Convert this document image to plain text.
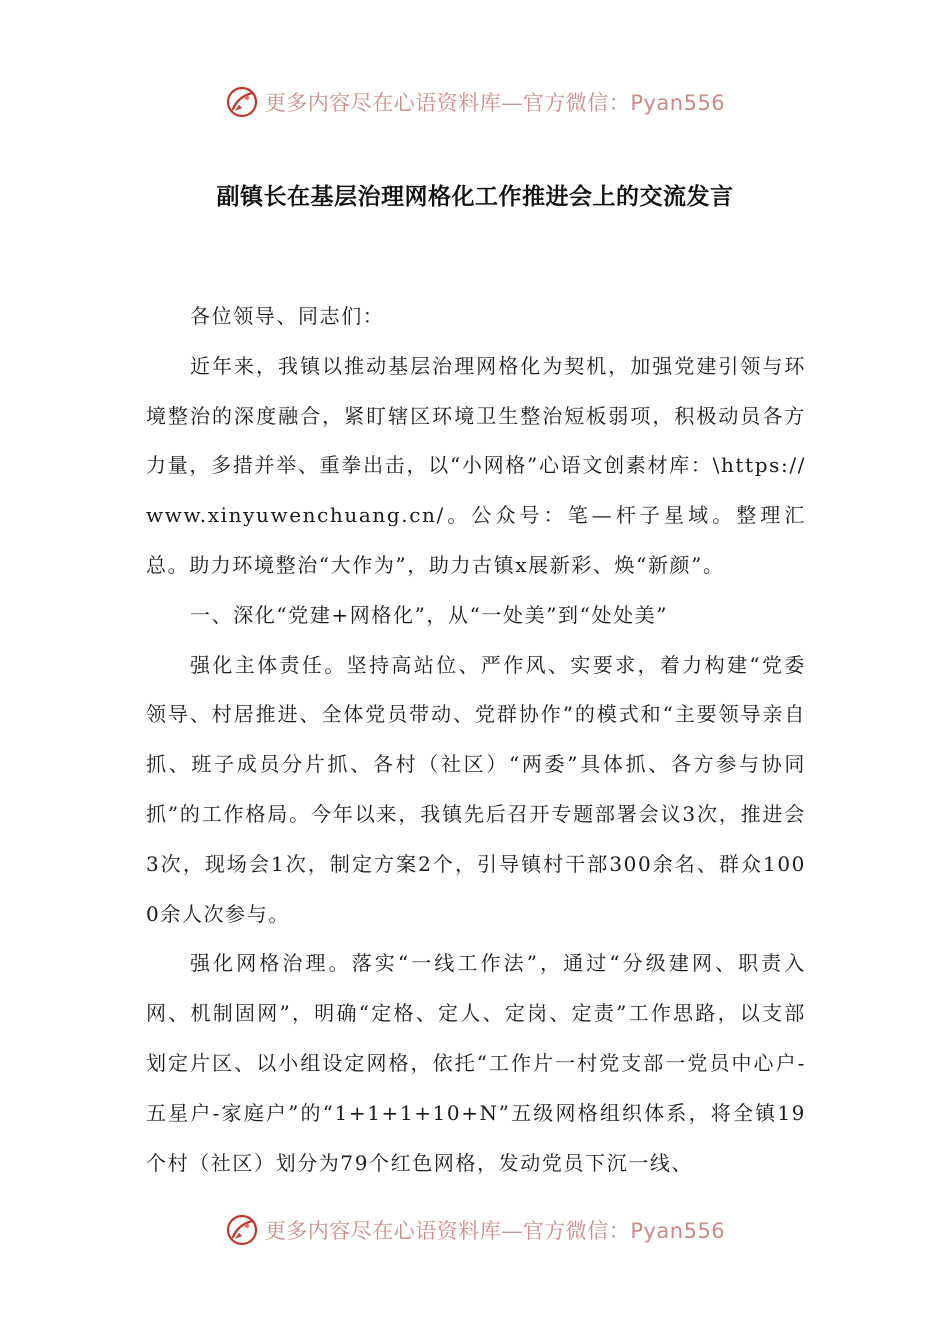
更多内容尽在心语资料库—官方微信：Pyan556
副镇长在基层治理网格化工作推进会上的交流发言

各位领导、同志们：

近年来，我镇以推动基层治理网格化为契机，加强党建引领与环境整治的深度融合，紧盯辖区环境卫生整治短板弱项，积极动员各方力量，多措并举、重拳出击，以“小网格”心语文创素材库：\https://www.xinyuwenchuang.cn/。公众号：笔—杆子星域。整理汇总。助力环境整治“大作为”，助力古镇x展新彩、焕“新颜”。

一、深化“党建+网格化”，从“一处美”到“处处美”

强化主体责任。坚持高站位、严作风、实要求，着力构建“党委领导、村居推进、全体党员带动、党群协作”的模式和“主要领导亲自抓、班子成员分片抓、各村（社区）“两委”具体抓、各方参与协同抓”的工作格局。今年以来，我镇先后召开专题部署会议3次，推进会3次，现场会1次，制定方案2个，引导镇村干部300余名、群众1000余人次参与。

强化网格治理。落实“一线工作法”，通过“分级建网、职责入网、机制固网”，明确“定格、定人、定岗、定责”工作思路，以支部划定片区、以小组设定网格，依托“工作片一村党支部一党员中心户-五星户-家庭户”的“1+1+1+10+N”五级网格组织体系，将全镇19个村（社区）划分为79个红色网格，发动党员下沉一线、

更多内容尽在心语资料库—官方微信：Pyan556
